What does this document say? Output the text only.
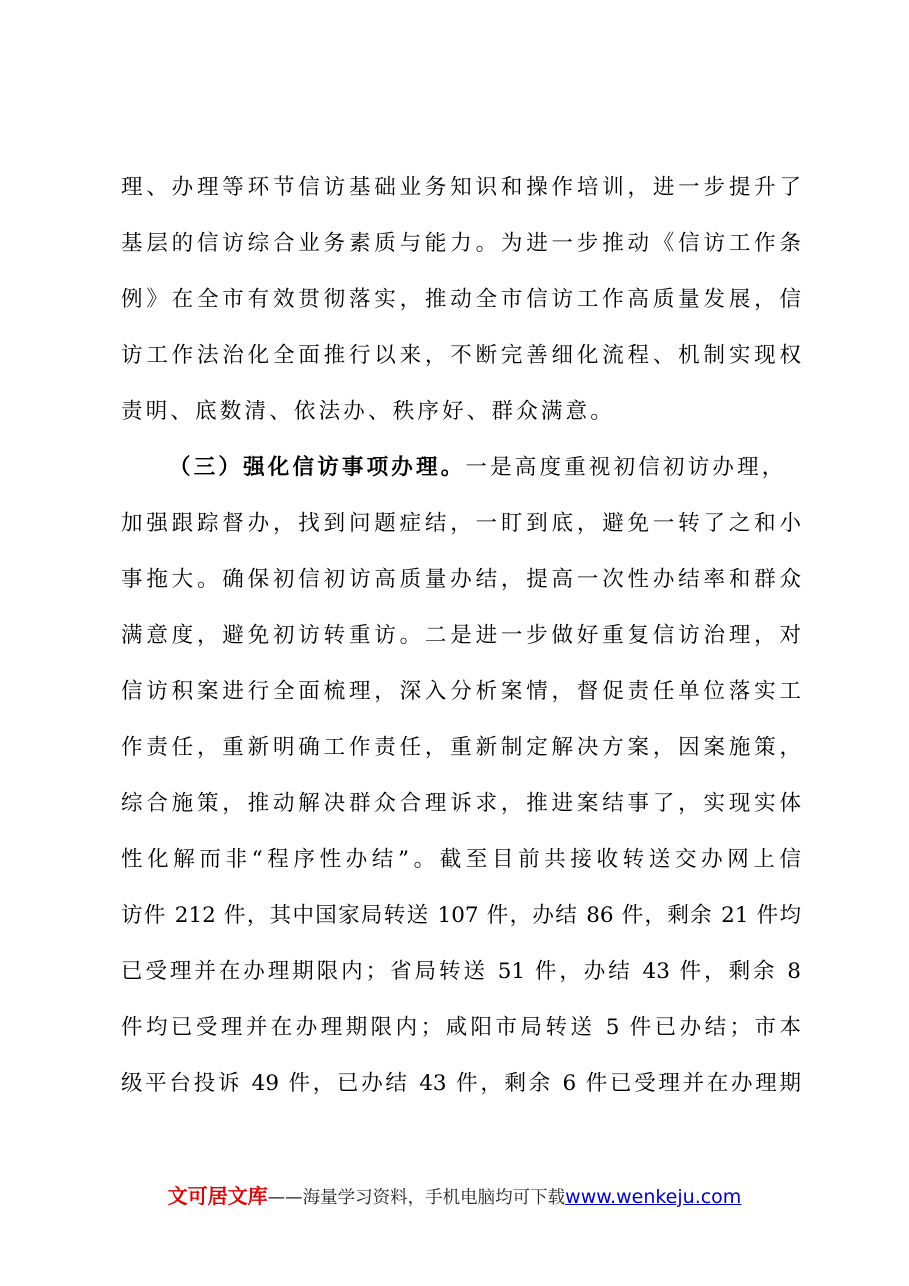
理、办理等环节信访基础业务知识和操作培训，进一步提升了
基层的信访综合业务素质与能力。为进一步推动《信访工作条
例》在全市有效贯彻落实，推动全市信访工作高质量发展，信
访工作法治化全面推行以来，不断完善细化流程、机制实现权
责明、底数清、依法办、秩序好、群众满意。
（三）强化信访事项办理。一是高度重视初信初访办理，
加强跟踪督办，找到问题症结，一盯到底，避免一转了之和小
事拖大。确保初信初访高质量办结，提高一次性办结率和群众
满意度，避免初访转重访。二是进一步做好重复信访治理，对
信访积案进行全面梳理，深入分析案情，督促责任单位落实工
作责任，重新明确工作责任，重新制定解决方案，因案施策，
综合施策，推动解决群众合理诉求，推进案结事了，实现实体
性化解而非“程序性办结”。截至目前共接收转送交办网上信
访件 212 件，其中国家局转送 107 件，办结 86 件，剩余 21 件均
已受理并在办理期限内；省局转送 51 件，办结 43 件，剩余 8
件均已受理并在办理期限内；咸阳市局转送 5 件已办结；市本
级平台投诉 49 件，已办结 43 件，剩余 6 件已受理并在办理期
文可居文库——海量学习资料，手机电脑均可下载www.wenkeju.com
